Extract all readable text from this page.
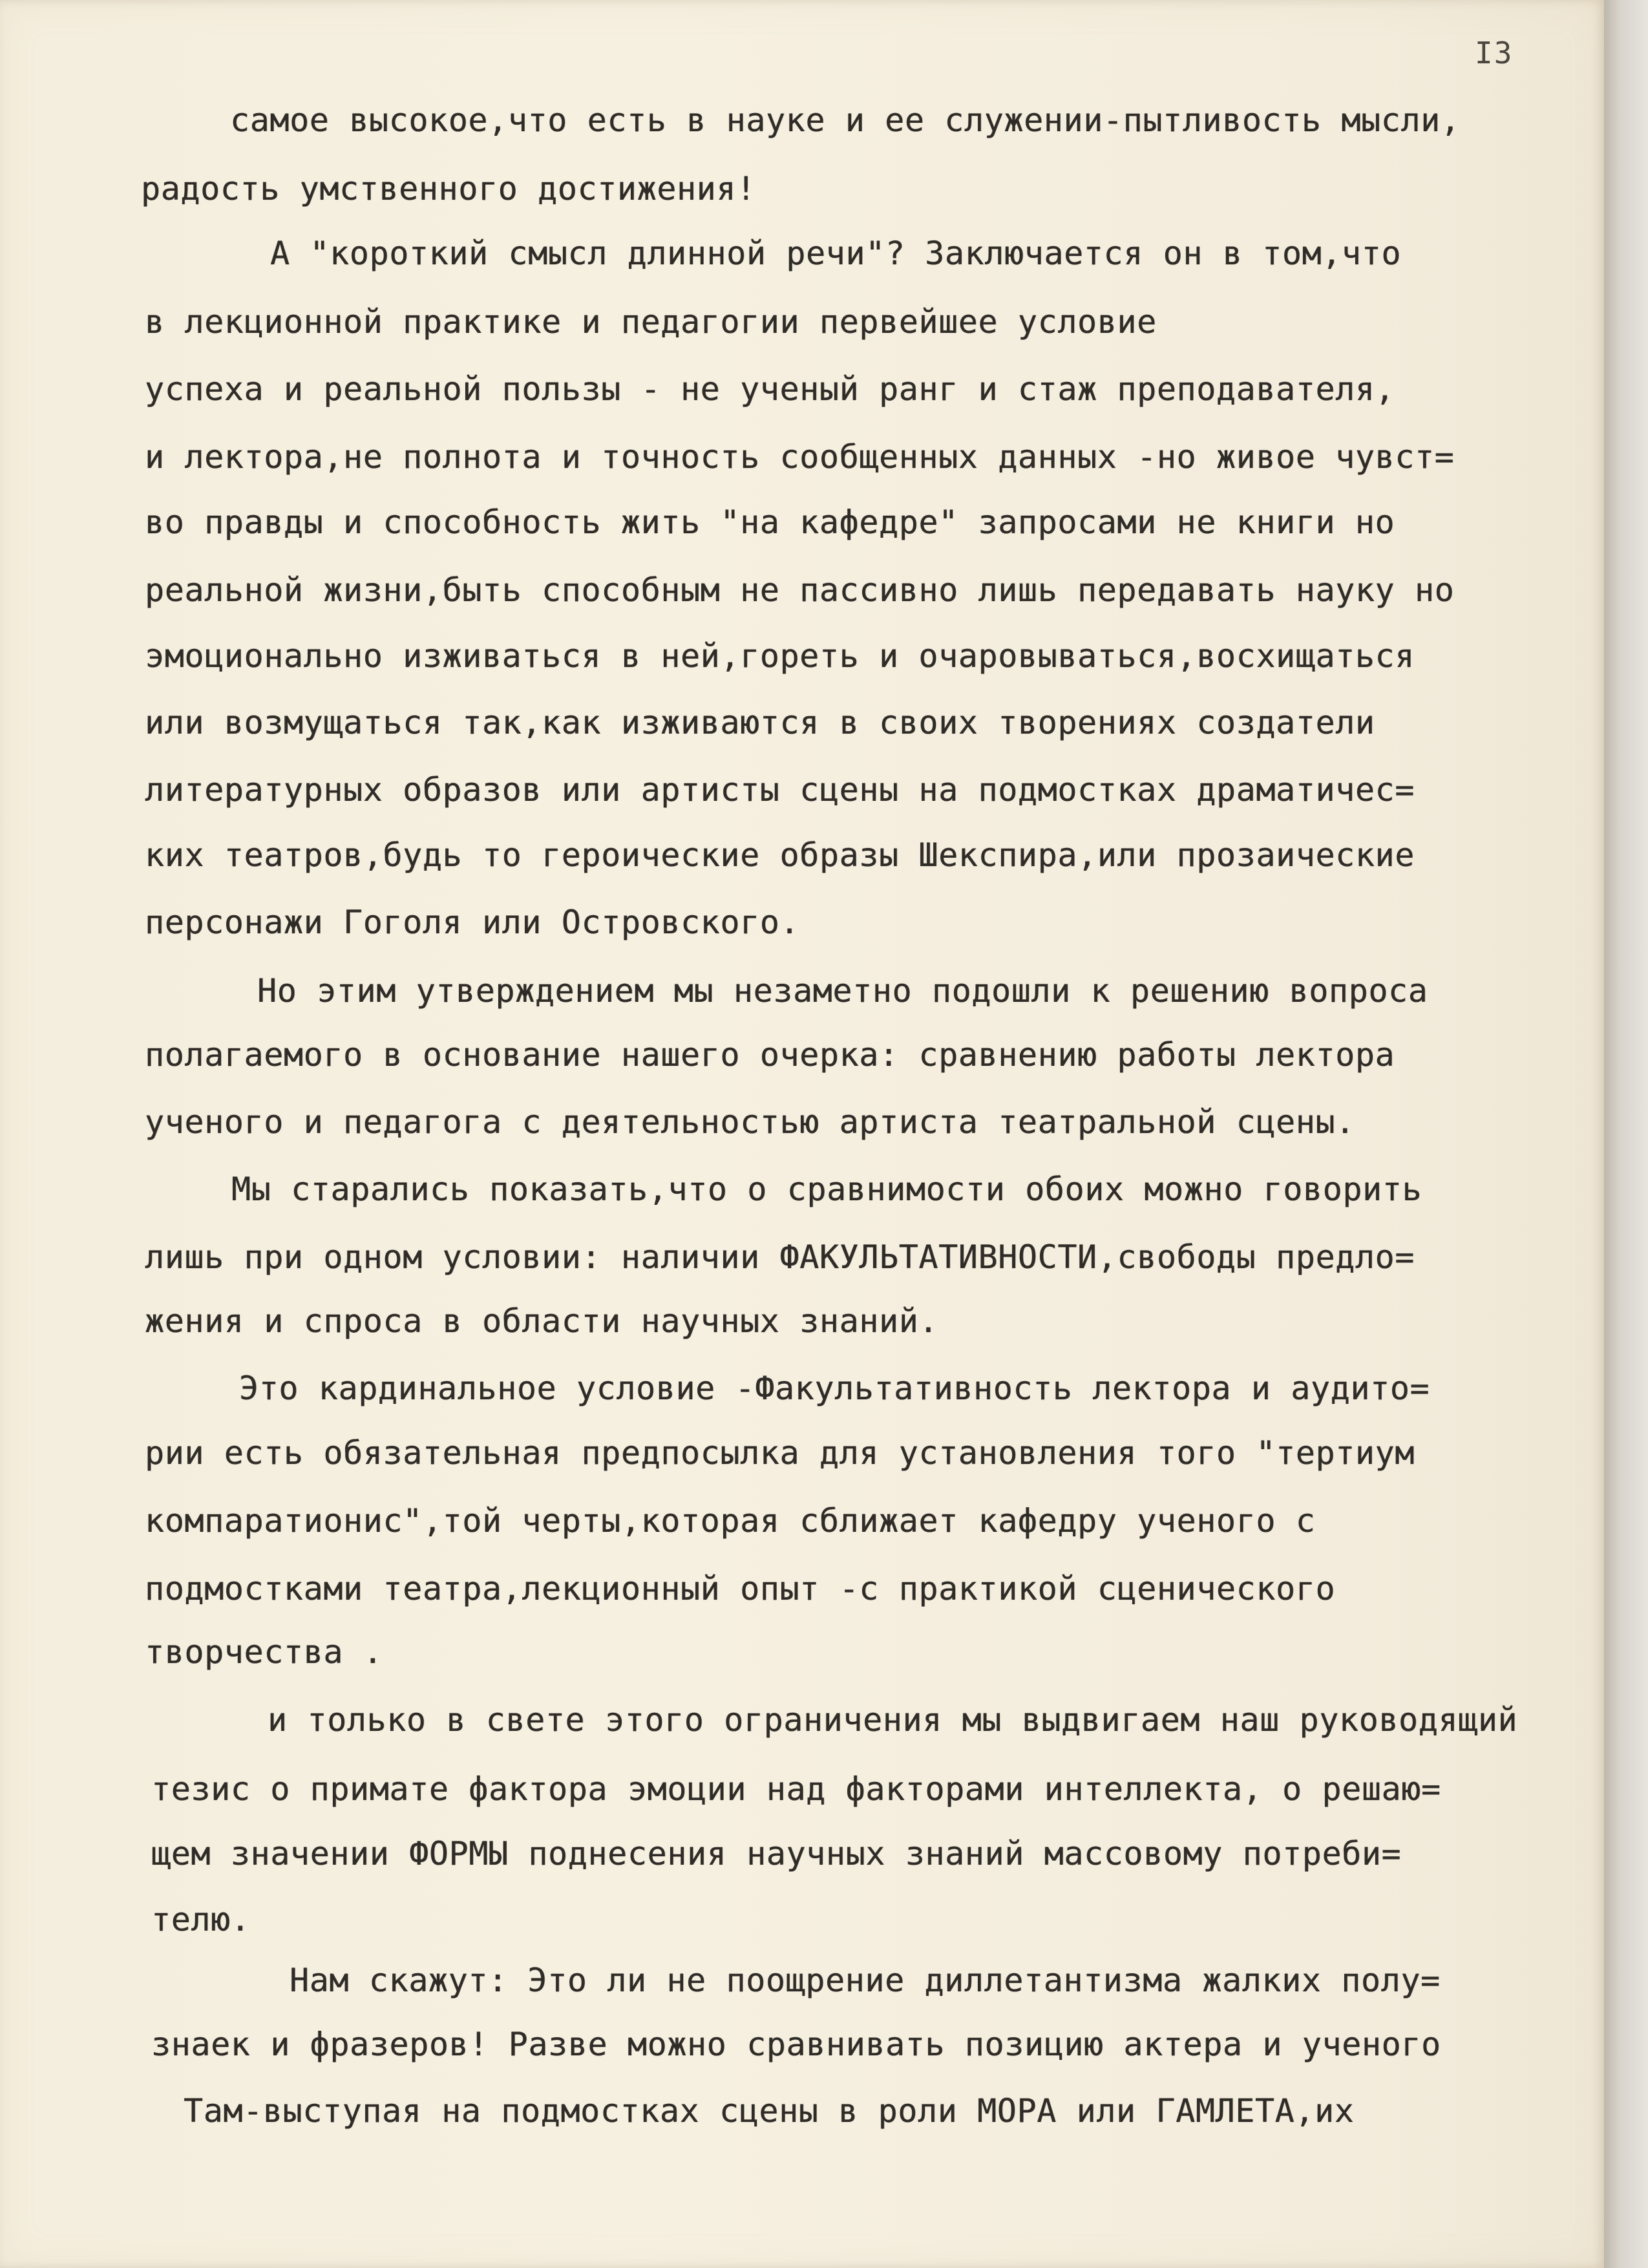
I3
самое высокое,что есть в науке и ее служении-пытливость мысли,
радость умственного достижения!
А "короткий смысл длинной речи"? Заключается он в том,что
в лекционной практике и педагогии первейшее условие
успеха и реальной пользы - не ученый ранг и стаж преподавателя,
и лектора,не полнота и точность сообщенных данных -но живое чувст=
во правды и способность жить "на кафедре" запросами не книги но
реальной жизни,быть способным не пассивно лишь передавать науку но
эмоционально изживаться в ней,гореть и очаровываться,восхищаться
или возмущаться так,как изживаются в своих творениях создатели
литературных образов или артисты сцены на подмостках драматичес=
ких театров,будь то героические образы Шекспира,или прозаические
персонажи Гоголя или Островского.
Но этим утверждением мы незаметно подошли к решению вопроса
полагаемого в основание нашего очерка: сравнению работы лектора
ученого и педагога с деятельностью артиста театральной сцены.
Мы старались показать,что о сравнимости обоих можно говорить
лишь при одном условии: наличии ФАКУЛЬТАТИВНОСТИ,свободы предло=
жения и спроса в области научных знаний.
Это кардинальное условие -Факультативность лектора и аудито=
рии есть обязательная предпосылка для установления того "тертиум
компаратионис",той черты,которая сближает кафедру ученого с
подмостками театра,лекционный опыт -с практикой сценического
творчества .
и только в свете этого ограничения мы выдвигаем наш руководящий
тезис о примате фактора эмоции над факторами интеллекта, о решаю=
щем значении ФОРМЫ поднесения научных знаний массовому потреби=
телю.
Нам скажут: Это ли не поощрение диллетантизма жалких полу=
знаек и фразеров! Разве можно сравнивать позицию актера и ученого
Там-выступая на подмостках сцены в роли МОРА или ГАМЛЕТА,их
